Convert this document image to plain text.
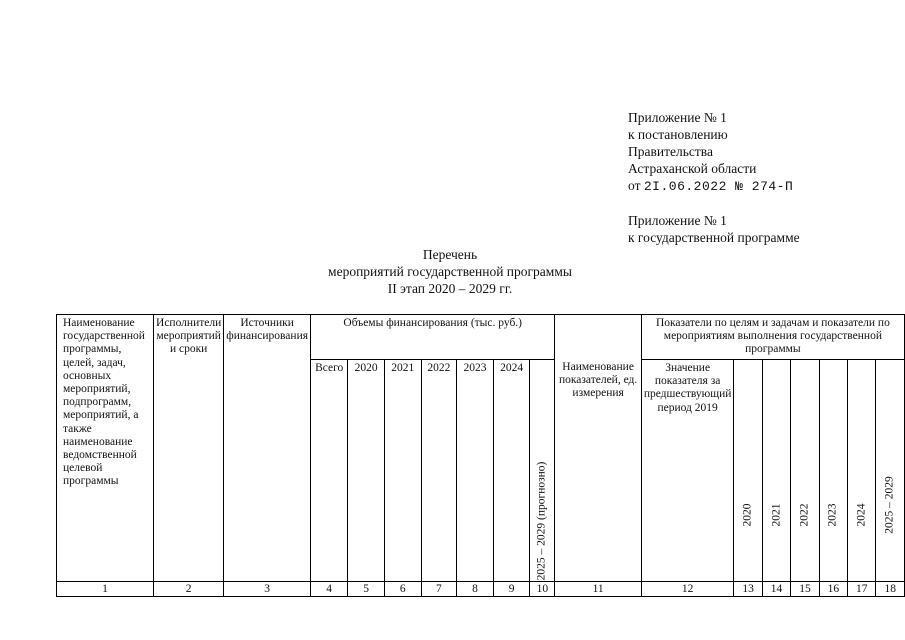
Приложение № 1
к постановлению
Правительства
Астраханской области
от 2I.06.2022 № 274-П
Приложение № 1
к государственной программе
Перечень
мероприятий государственной программы
II этап 2020 – 2029 гг.
Наименование государственной программы, целей, задач, основных мероприятий, подпрограмм, мероприятий, а также наименование ведомственной целевой программы	Исполнители мероприятий и сроки	Источники финансирования	Объемы финансирования (тыс. руб.)							Наименование показателей, ед. измерения	Показатели по целям и задачам и показатели по мероприятиям выполнения государственной программы						

			Всего	2020	2021	2022	2023	2024	2025 – 2029 (прогнозно)		Значение показателя за предшествующий период 2019	2020	2021	2022	2023	2024	2025 – 2029

1	2	3	4	5	6	7	8	9	10	11	12	13	14	15	16	17	18
